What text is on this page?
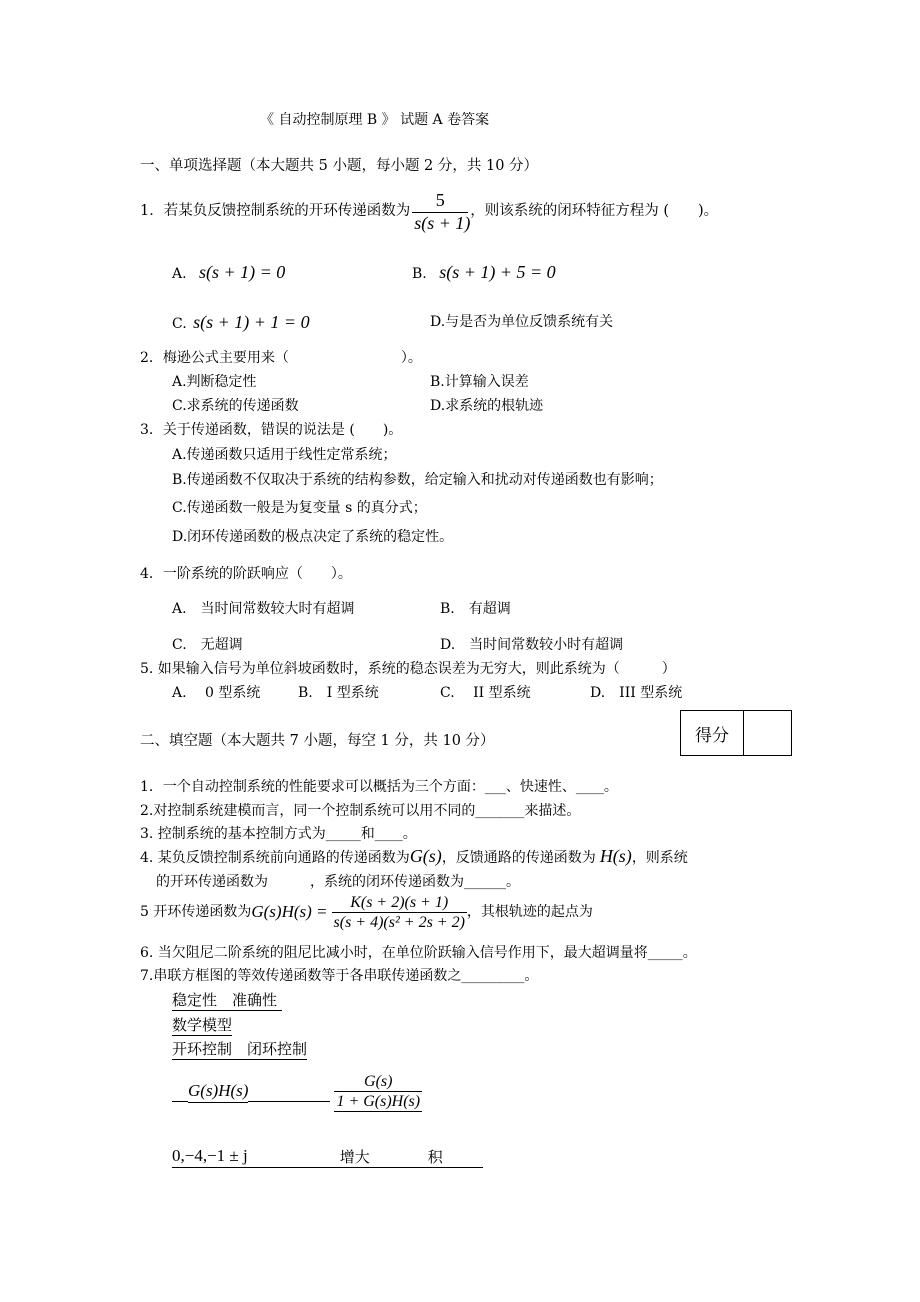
《 自动控制原理 B 》 试题 A 卷答案
一、单项选择题（本大题共 5 小题，每小题 2 分，共 10 分）
1．若某负反馈控制系统的开环传递函数为 $\frac{5}{s(s + 1)}$ ，则该系统的闭环特征方程为 (　　)。
A. s(s + 1) = 0	B. s(s + 1) + 5 = 0
C. s(s + 1) + 1 = 0	D.与是否为单位反馈系统有关
2．梅逊公式主要用来（　　　　　　　　）。
A.判断稳定性	B.计算输入误差
C.求系统的传递函数	D.求系统的根轨迹
3．关于传递函数，错误的说法是 (　　)。
A.传递函数只适用于线性定常系统；
B.传递函数不仅取决于系统的结构参数，给定输入和扰动对传递函数也有影响；
C.传递函数一般是为复变量 s 的真分式；
D.闭环传递函数的极点决定了系统的稳定性。
4．一阶系统的阶跃响应（　　）。
A.　当时间常数较大时有超调	B.　有超调
C.　无超调	D.　当时间常数较小时有超调
5. 如果输入信号为单位斜坡函数时，系统的稳态误差为无穷大，则此系统为（　　　）
A.　 0 型系统	B.　I 型系统	C.　 II 型系统	D.　III 型系统
二、填空题（本大题共 7 小题，每空 1 分，共 10 分）	得分
1．一个自动控制系统的性能要求可以概括为三个方面：___、快速性、____。
2.对控制系统建模而言，同一个控制系统可以用不同的_______来描述。
3. 控制系统的基本控制方式为_____和____。
4. 某负反馈控制系统前向通路的传递函数为G(s)，反馈通路的传递函数为 H(s)，则系统
的开环传递函数为　　　，系统的闭环传递函数为______。
5 开环传递函数为 $G(s)H(s) = \frac{K(s + 2)(s + 1)}{\text{s(s + 4)(s² + 2s + 2)}}$ ，其根轨迹的起点为
6. 当欠阻尼二阶系统的阻尼比减小时，在单位阶跃输入信号作用下，最大超调量将_____。
7.串联方框图的等效传递函数等于各串联传递函数之_________。
稳定性　 准确性
数学模型
开环控制　 闭环控制
G(s)H(s)	$\frac{G(s)}{1 + G(s)H(s)}$
0,−4,−1 ± j	增大	积
